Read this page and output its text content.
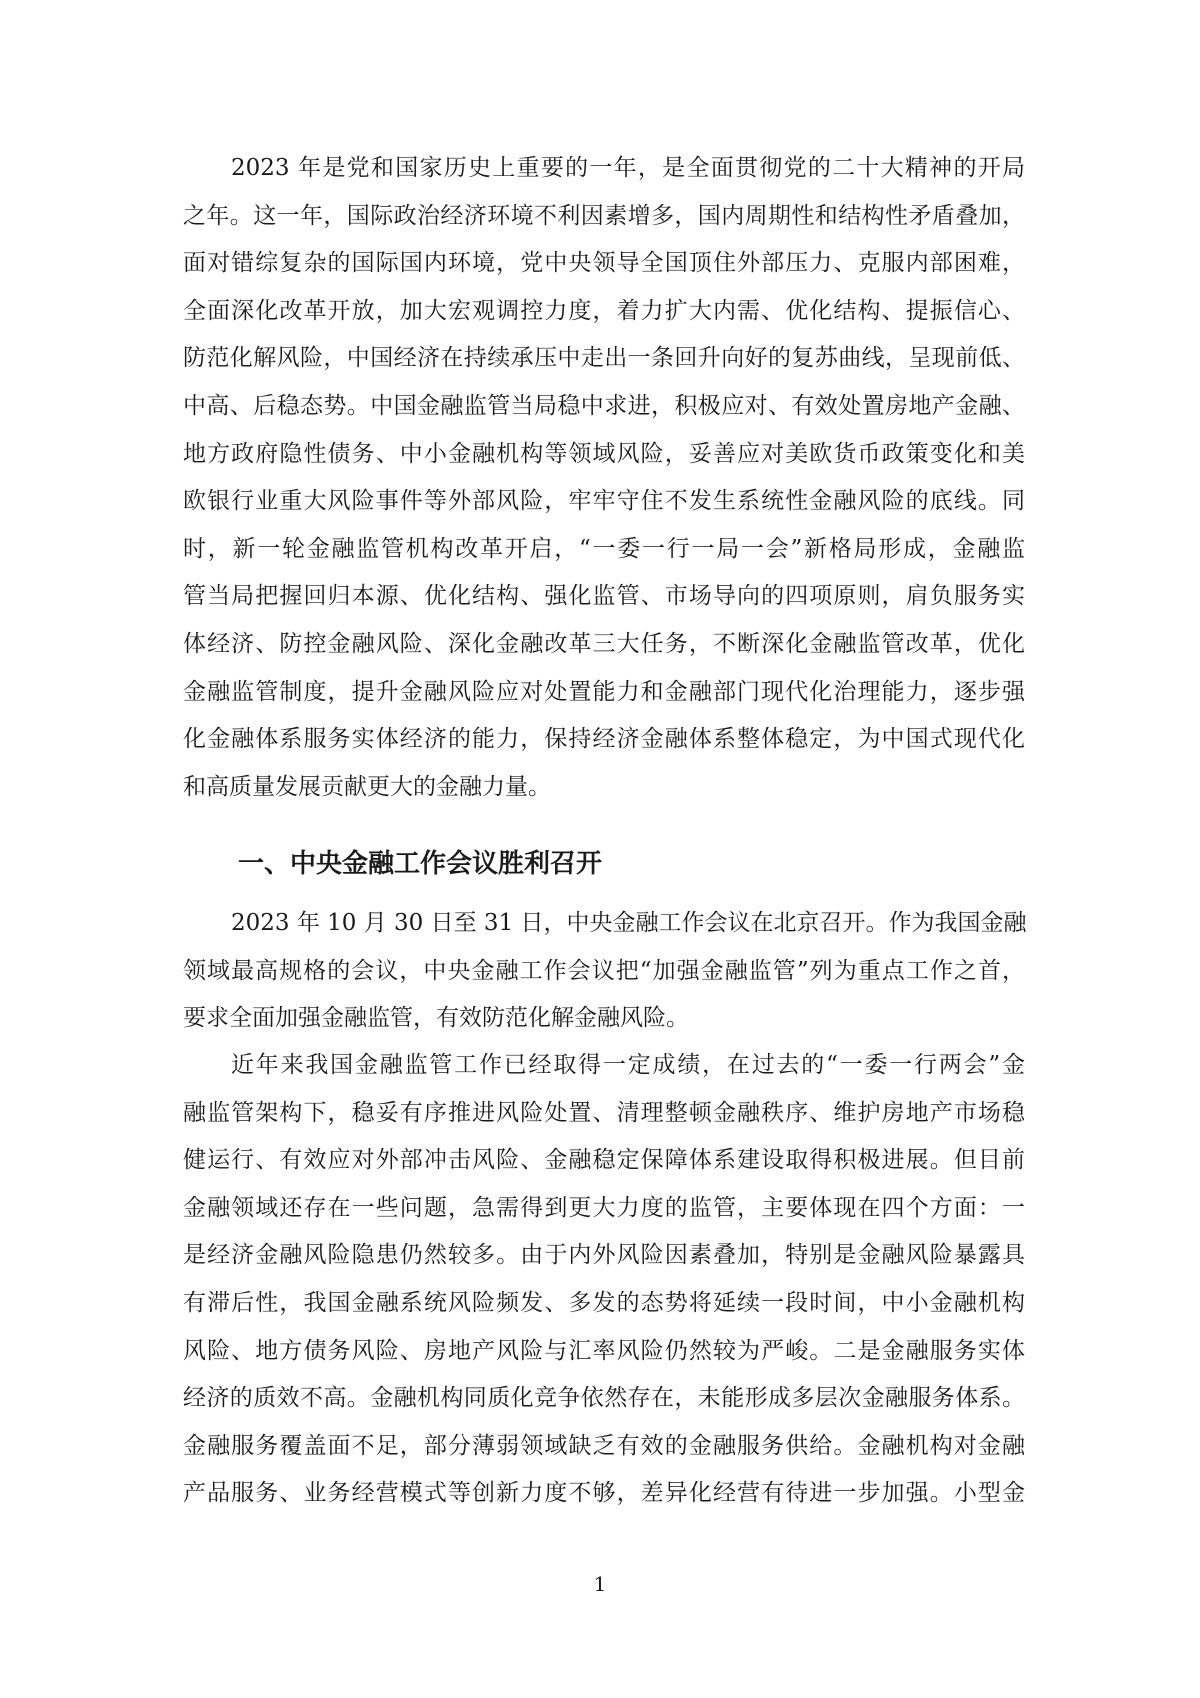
2023 年是党和国家历史上重要的一年，是全面贯彻党的二十大精神的开局
之年。这一年，国际政治经济环境不利因素增多，国内周期性和结构性矛盾叠加，
面对错综复杂的国际国内环境，党中央领导全国顶住外部压力、克服内部困难，
全面深化改革开放，加大宏观调控力度，着力扩大内需、优化结构、提振信心、
防范化解风险，中国经济在持续承压中走出一条回升向好的复苏曲线，呈现前低、
中高、后稳态势。中国金融监管当局稳中求进，积极应对、有效处置房地产金融、
地方政府隐性债务、中小金融机构等领域风险，妥善应对美欧货币政策变化和美
欧银行业重大风险事件等外部风险，牢牢守住不发生系统性金融风险的底线。同
时，新一轮金融监管机构改革开启，“一委一行一局一会”新格局形成，金融监
管当局把握回归本源、优化结构、强化监管、市场导向的四项原则，肩负服务实
体经济、防控金融风险、深化金融改革三大任务，不断深化金融监管改革，优化
金融监管制度，提升金融风险应对处置能力和金融部门现代化治理能力，逐步强
化金融体系服务实体经济的能力，保持经济金融体系整体稳定，为中国式现代化
和高质量发展贡献更大的金融力量。
一、中央金融工作会议胜利召开
2023 年 10 月 30 日至 31 日，中央金融工作会议在北京召开。作为我国金融
领域最高规格的会议，中央金融工作会议把“加强金融监管”列为重点工作之首，
要求全面加强金融监管，有效防范化解金融风险。
近年来我国金融监管工作已经取得一定成绩，在过去的“一委一行两会”金
融监管架构下，稳妥有序推进风险处置、清理整顿金融秩序、维护房地产市场稳
健运行、有效应对外部冲击风险、金融稳定保障体系建设取得积极进展。但目前
金融领域还存在一些问题，急需得到更大力度的监管，主要体现在四个方面：一
是经济金融风险隐患仍然较多。由于内外风险因素叠加，特别是金融风险暴露具
有滞后性，我国金融系统风险频发、多发的态势将延续一段时间，中小金融机构
风险、地方债务风险、房地产风险与汇率风险仍然较为严峻。二是金融服务实体
经济的质效不高。金融机构同质化竞争依然存在，未能形成多层次金融服务体系。
金融服务覆盖面不足，部分薄弱领域缺乏有效的金融服务供给。金融机构对金融
产品服务、业务经营模式等创新力度不够，差异化经营有待进一步加强。小型金
1
